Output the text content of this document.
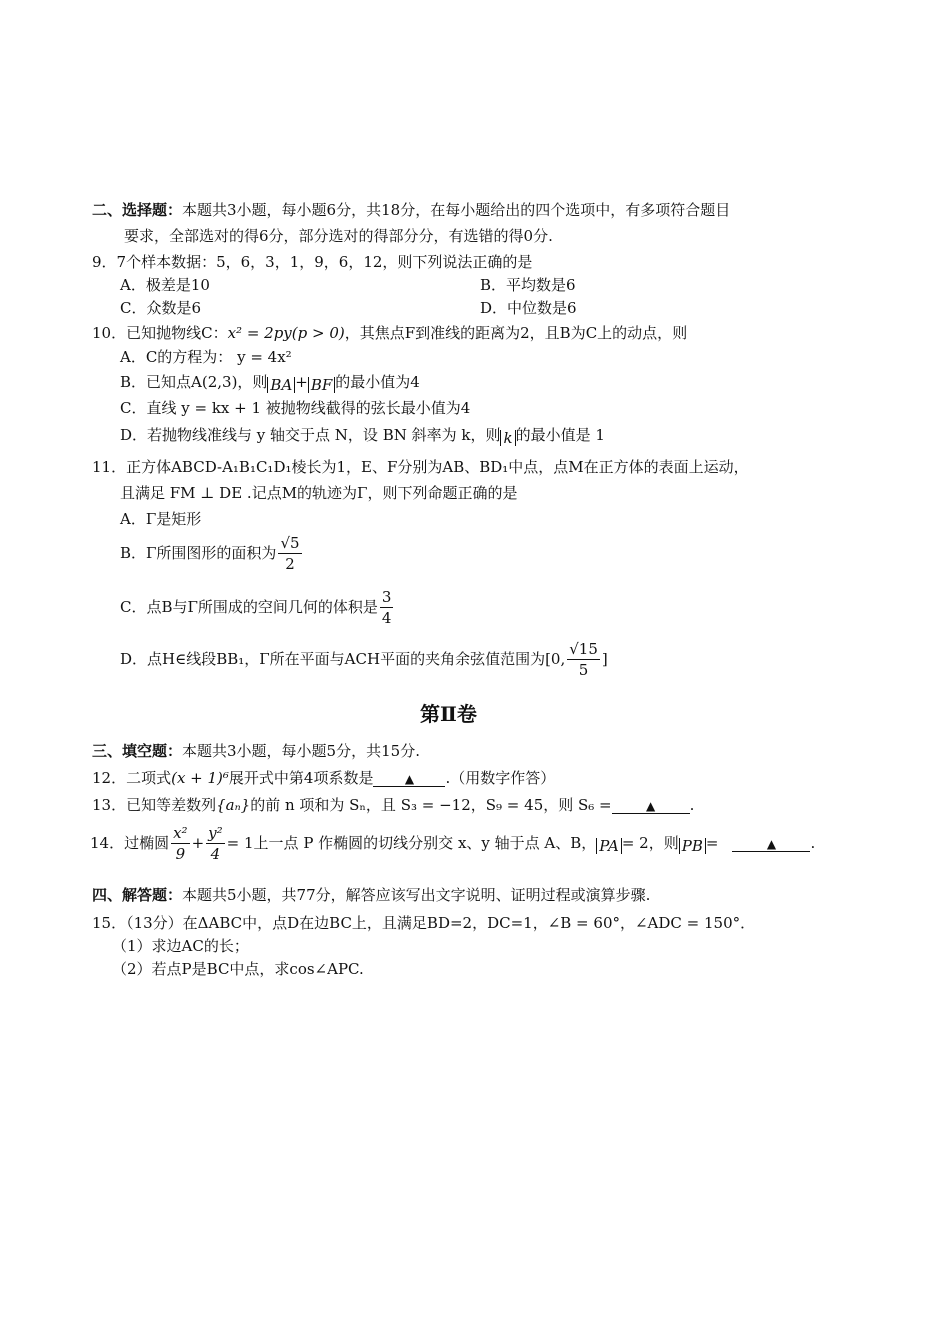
二、选择题：本题共3小题，每小题6分，共18分，在每小题给出的四个选项中，有多项符合题目
要求，全部选对的得6分，部分选对的得部分分，有选错的得0分.
9．7个样本数据：5，6，3，1，9，6，12，则下列说法正确的是
A．极差是10	B．平均数是6
C．众数是6	D．中位数是6
10．已知抛物线C：x² = 2py(p > 0)，其焦点F到准线的距离为2，且B为C上的动点，则
A．C的方程为： y = 4x²
B．已知点A(2,3)，则 BA + BF 的最小值为4
C．直线 y = kx + 1 被抛物线截得的弦长最小值为4
D．若抛物线准线与 y 轴交于点 N，设 BN 斜率为 k，则 k 的最小值是 1
11．正方体ABCD-A₁B₁C₁D₁棱长为1，E、F分别为AB、BD₁中点，点M在正方体的表面上运动，
且满足 FM ⊥ DE .记点M的轨迹为Γ，则下列命题正确的是
A．Γ是矩形
B．Γ所围图形的面积为 $\frac{√5}{2}$
C．点B与Γ所围成的空间几何的体积是 $\frac{3}{4}$
D．点H∈线段BB₁，Γ所在平面与ACH平面的夹角余弦值范围为[0, $\frac{√15}{5}$ ]
第Ⅱ卷
三、填空题：本题共3小题，每小题5分，共15分.
12．二项式(x + 1)⁶展开式中第4项系数是	▲ .（用数字作答）
13．已知等差数列{aₙ}的前 n 项和为 Sₙ，且 S₃ = −12，S₉ = 45，则 S₆ =	▲ .
14．过椭圆 $\frac{\text{x²}}{9} + \frac{\text{y²}}{4} = 1$上一点 P 作椭圆的切线分别交 x、y 轴于点 A、B， PA = 2，则 PB =	▲ .
四、解答题：本题共5小题，共77分，解答应该写出文字说明、证明过程或演算步骤.
15．（13分）在ΔABC中，点D在边BC上，且满足BD=2，DC=1，∠B = 60°，∠ADC = 150°．
（1）求边AC的长；
（2）若点P是BC中点，求cos∠APC.
